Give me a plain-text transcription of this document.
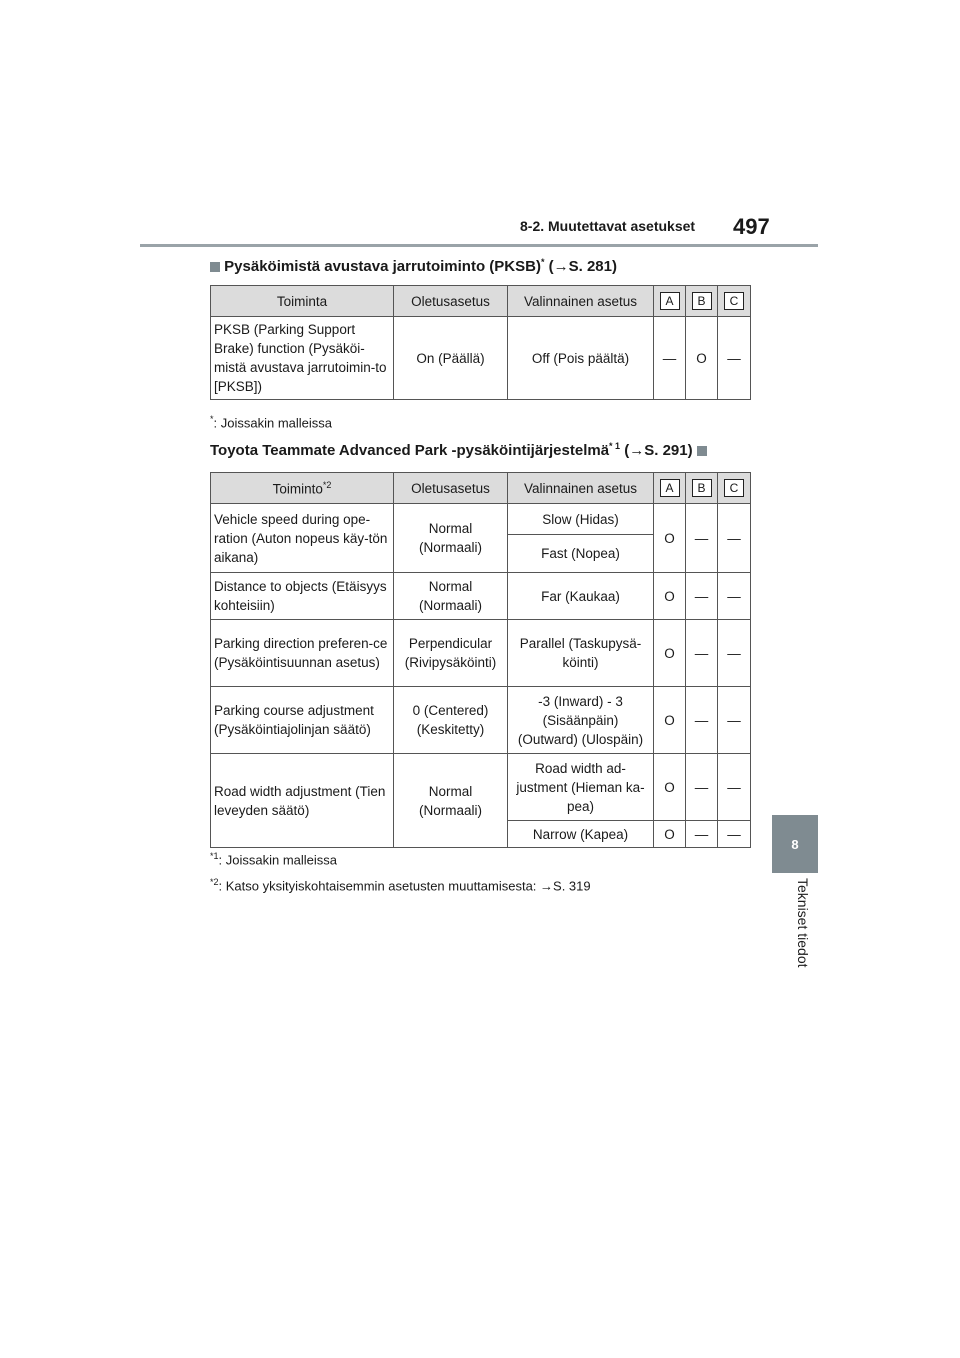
8-2. Muutettavat asetukset 497
8
Tekniset tiedot
Pysäköimistä avustava jarrutoiminto (PKSB)* (→S. 281)
Toiminta	Oletusasetus	Valinnainen asetus	A	B	C
PKSB (Parking Support Brake) function (Pysäköi-mistä avustava jarrutoimin-to [PKSB])	On (Päällä)	Off (Pois päältä)	—	O	—
*: Joissakin malleissa
Toyota Teammate Advanced Park -pysäköintijärjestelmä$^{* 1}$ (→S. 291)
Toiminto$^{*2}$	Oletusasetus	Valinnainen asetus	A	B	C
Vehicle speed during ope-ration (Auton nopeus käy-tön aikana)	Normal (Normaali)	Slow (Hidas)	O	—	—
		Fast (Nopea)			
Distance to objects (Etäisyys kohteisiin)	Normal (Normaali)	Far (Kaukaa)	O	—	—
Parking direction preferen-ce (Pysäköintisuunnan asetus)	Perpendicular (Rivipysäköinti)	Parallel (Taskupysä-köinti)	O	—	—
Parking course adjustment (Pysäköintiajolinjan säätö)	0 (Centered) (Keskitetty)	-3 (Inward) - 3 (Sisäänpäin) (Outward) (Ulospäin)	O	—	—
Road width adjustment (Tien leveyden säätö)	Normal (Normaali)	Road width ad-justment (Hieman ka-pea)	O	—	—
		Narrow (Kapea)	O	—	—
$^{*1}$: Joissakin malleissa
$^{*2}$: Katso yksityiskohtaisemmin asetusten muuttamisesta: →S. 319
